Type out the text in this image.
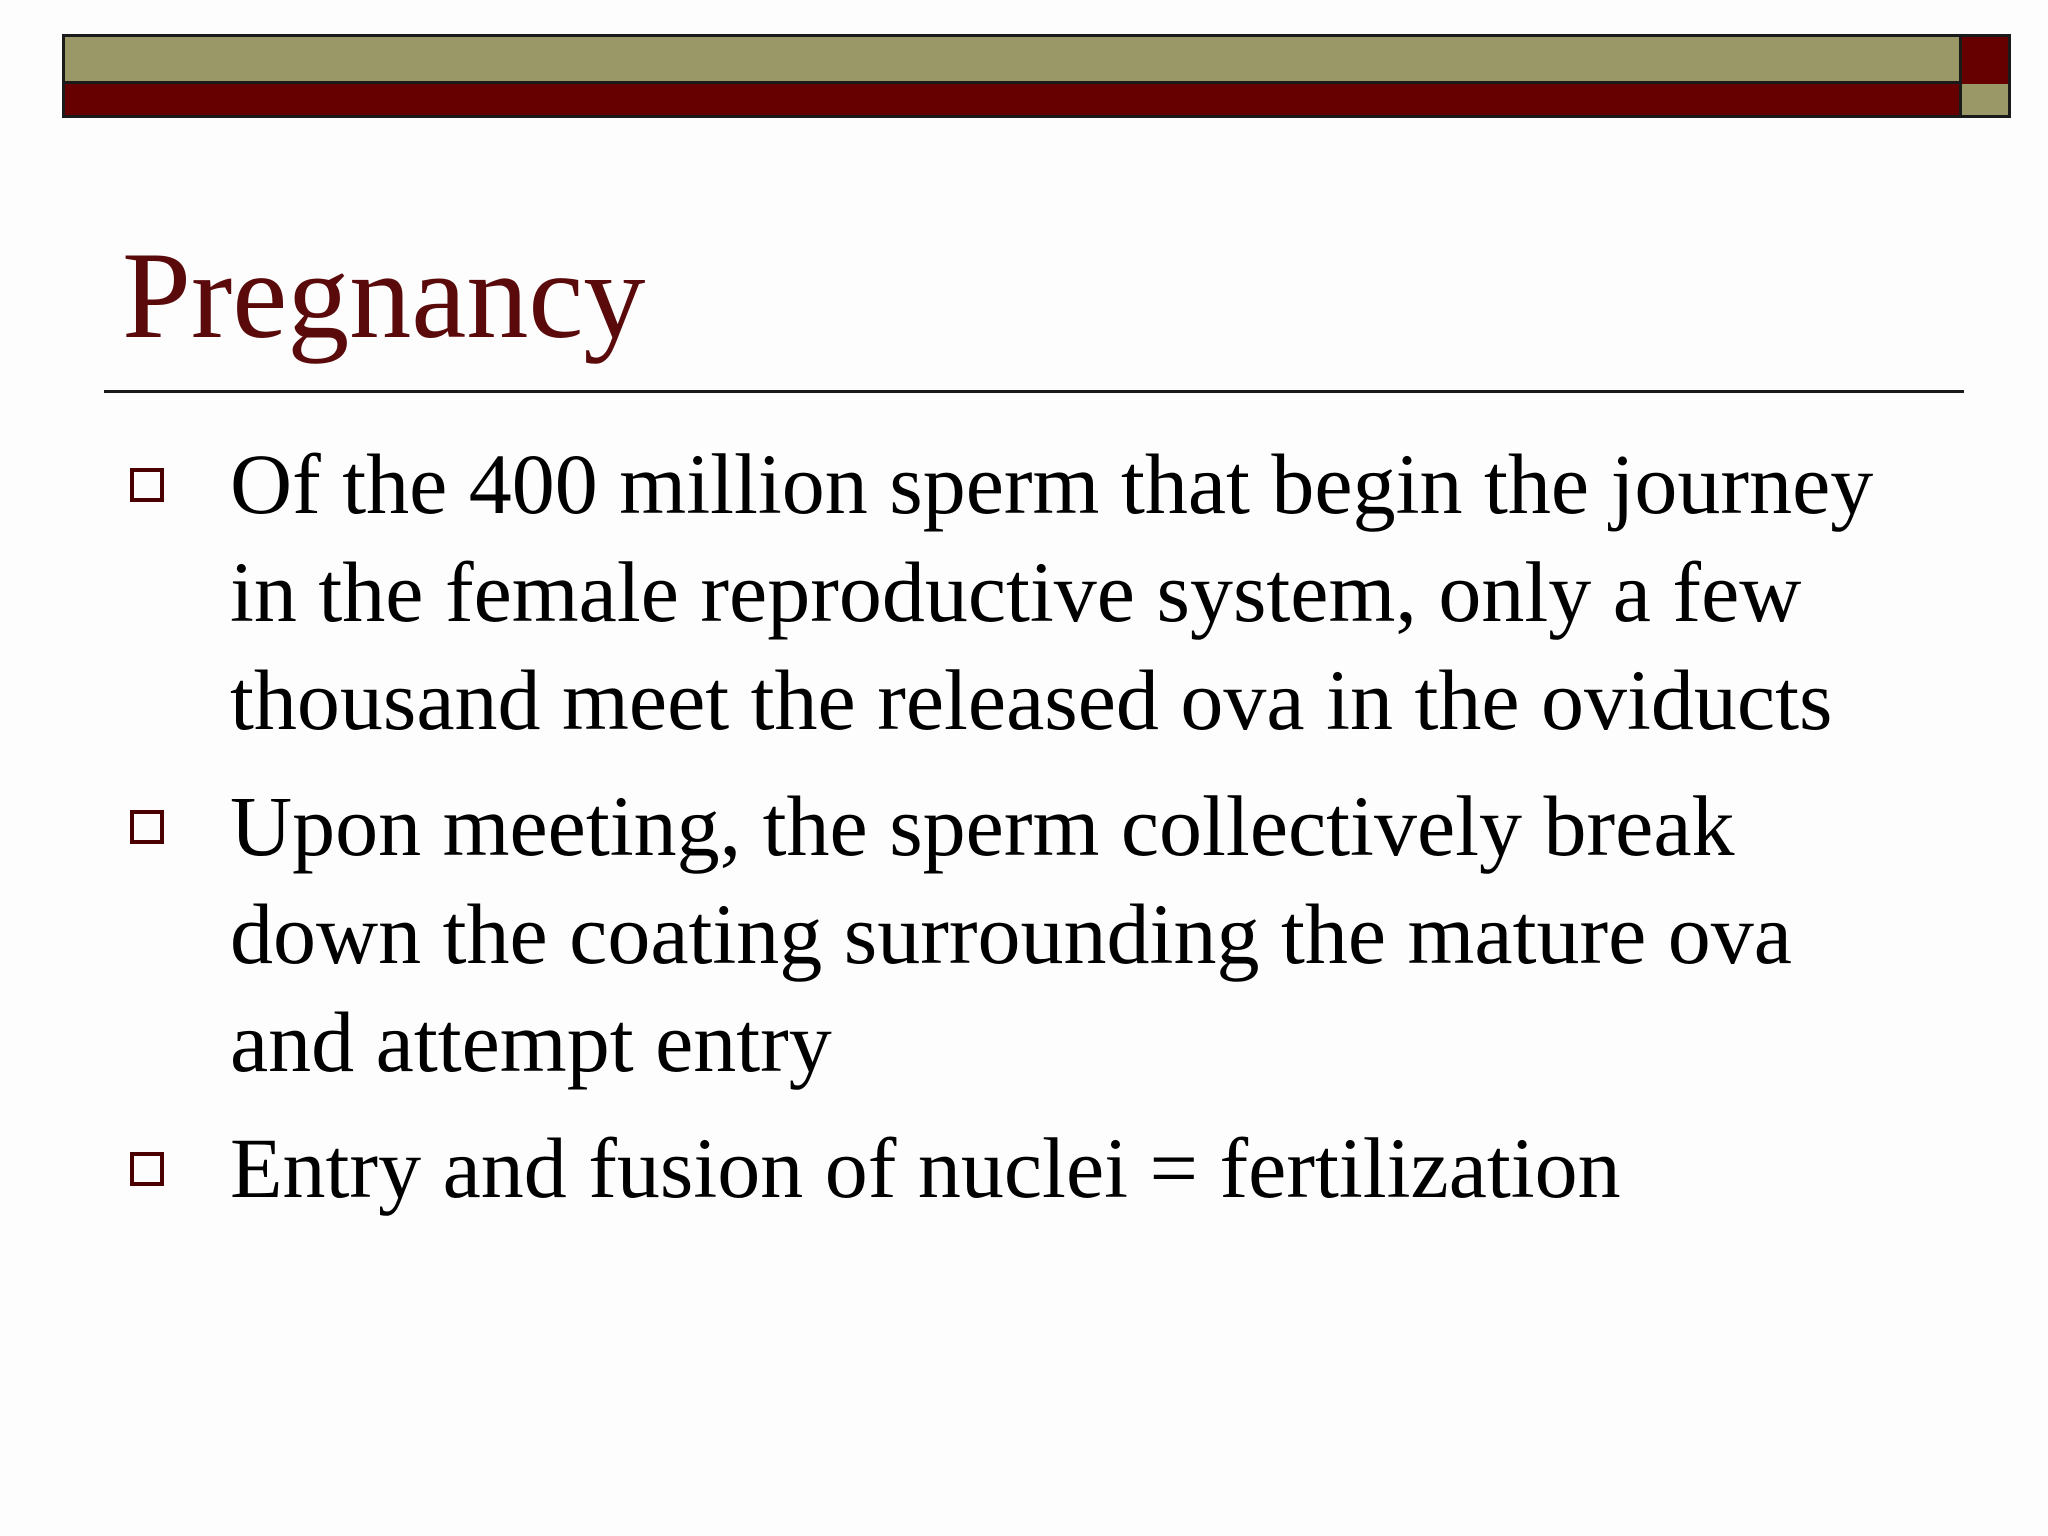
Pregnancy
Of the 400 million sperm that begin the journey in the female reproductive system, only a few thousand meet the released ova in the oviducts
Upon meeting, the sperm collectively break down the coating surrounding the mature ova and attempt entry
Entry and fusion of nuclei = fertilization
